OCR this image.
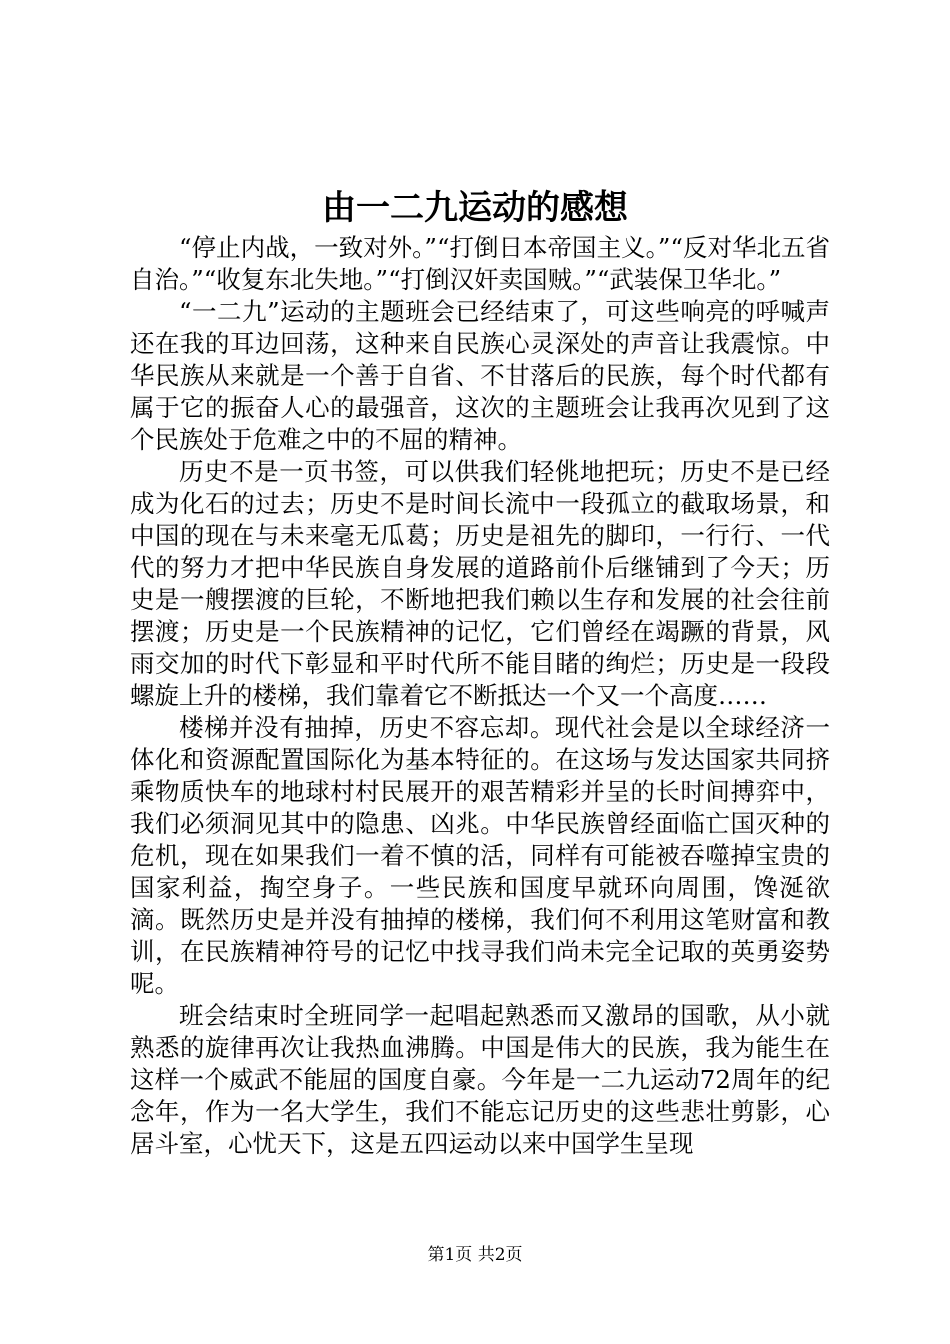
由一二九运动的感想

“停止内战，一致对外。”“打倒日本帝国主义。”“反对华北五省自治。”“收复东北失地。”“打倒汉奸卖国贼。”“武装保卫华北。”

“一二九”运动的主题班会已经结束了，可这些响亮的呼喊声还在我的耳边回荡，这种来自民族心灵深处的声音让我震惊。中华民族从来就是一个善于自省、不甘落后的民族，每个时代都有属于它的振奋人心的最强音，这次的主题班会让我再次见到了这个民族处于危难之中的不屈的精神。

历史不是一页书签，可以供我们轻佻地把玩；历史不是已经成为化石的过去；历史不是时间长流中一段孤立的截取场景，和中国的现在与未来毫无瓜葛；历史是祖先的脚印，一行行、一代代的努力才把中华民族自身发展的道路前仆后继铺到了今天；历史是一艘摆渡的巨轮，不断地把我们赖以生存和发展的社会往前摆渡；历史是一个民族精神的记忆，它们曾经在竭蹶的背景，风雨交加的时代下彰显和平时代所不能目睹的绚烂；历史是一段段螺旋上升的楼梯，我们靠着它不断抵达一个又一个高度……

楼梯并没有抽掉，历史不容忘却。现代社会是以全球经济一体化和资源配置国际化为基本特征的。在这场与发达国家共同挤乘物质快车的地球村村民展开的艰苦精彩并呈的长时间搏弈中，我们必须洞见其中的隐患、凶兆。中华民族曾经面临亡国灭种的危机，现在如果我们一着不慎的活，同样有可能被吞噬掉宝贵的国家利益，掏空身子。一些民族和国度早就环向周围，馋涎欲滴。既然历史是并没有抽掉的楼梯，我们何不利用这笔财富和教训，在民族精神符号的记忆中找寻我们尚未完全记取的英勇姿势呢。

班会结束时全班同学一起唱起熟悉而又激昂的国歌，从小就熟悉的旋律再次让我热血沸腾。中国是伟大的民族，我为能生在这样一个威武不能屈的国度自豪。今年是一二九运动72周年的纪念年，作为一名大学生，我们不能忘记历史的这些悲壮剪影，心居斗室，心忧天下，这是五四运动以来中国学生呈现

第1页 共2页
